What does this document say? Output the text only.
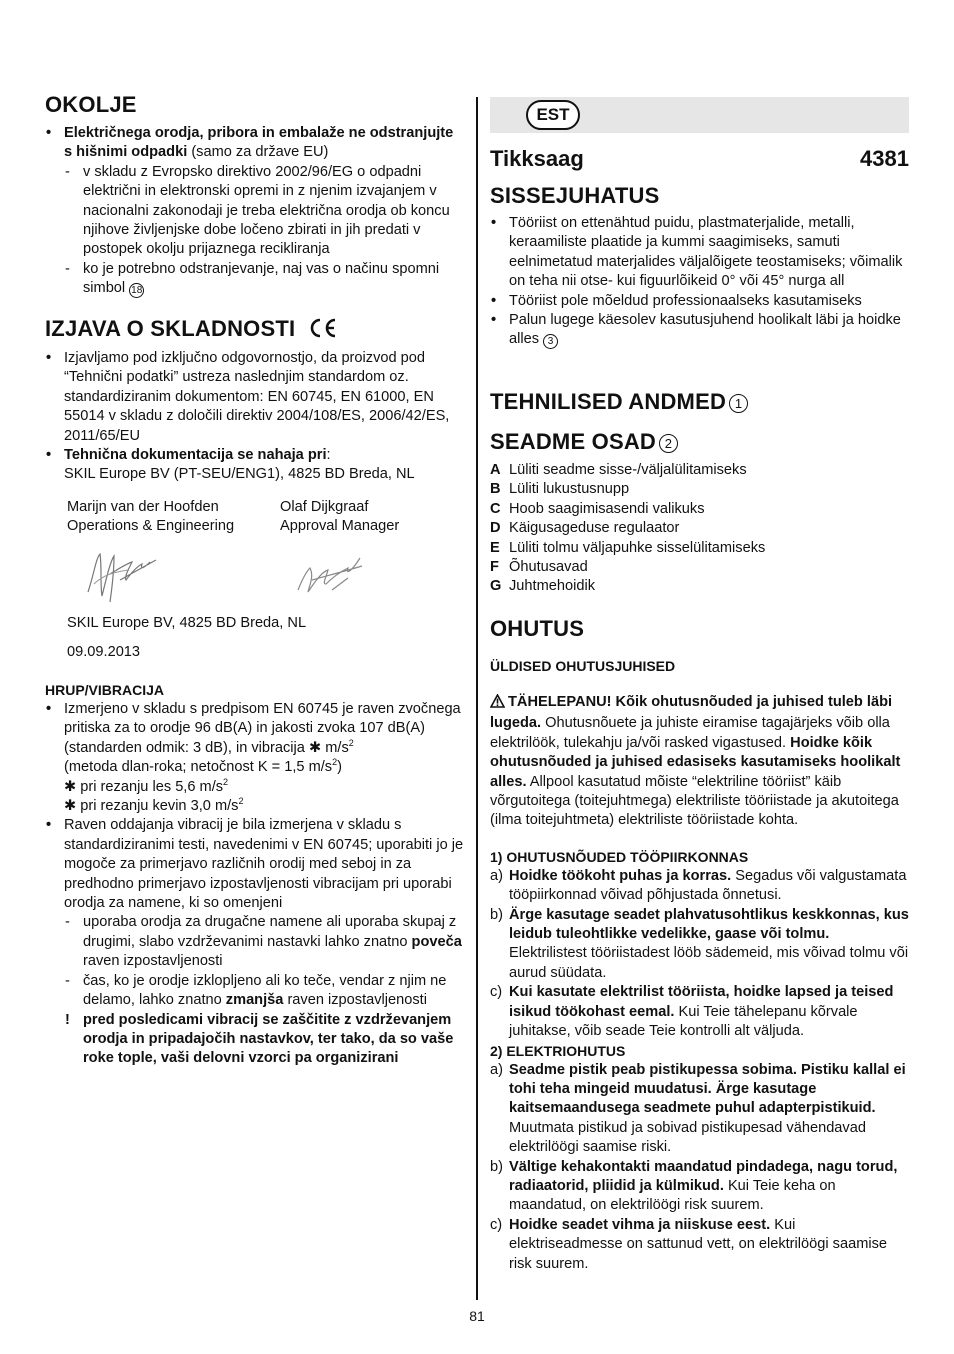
OKOLJE
• Električnega orodja, pribora in embalaže ne odstranjujte s hišnimi odpadki (samo za države EU)
- v skladu z Evropsko direktivo 2002/96/EG o odpadni električni in elektronski opremi in z njenim izvajanjem v nacionalni zakonodaji je treba električna orodja ob koncu njihove življenjske dobe ločeno zbirati in jih predati v postopek okolju prijaznega recikliranja
- ko je potrebno odstranjevanje, naj vas o načinu spomni simbol 18
IZJAVA O SKLADNOSTI
• Izjavljamo pod izključno odgovornostjo, da proizvod pod “Tehnični podatki” ustreza naslednjim standardom oz. standardiziranim dokumentom: EN 60745, EN 61000, EN 55014 v skladu z določili direktiv 2004/108/ES, 2006/42/ES, 2011/65/EU
• Tehnična dokumentacija se nahaja pri:
SKIL Europe BV (PT-SEU/ENG1), 4825 BD Breda, NL
Marijn van der Hoofden
Operations & Engineering
Olaf Dijkgraaf
Approval Manager
SKIL Europe BV, 4825 BD Breda, NL
09.09.2013
HRUP/VIBRACIJA
• Izmerjeno v skladu s predpisom EN 60745 je raven zvočnega pritiska za to orodje 96 dB(A) in jakosti zvoka 107 dB(A) (standarden odmik: 3 dB), in vibracija ✱ $m/s^2$
(metoda dlan-roka; netočnost K = 1,5 $m/s^2$)
✱ pri rezanju les 5,6 $m/s^2$
✱ pri rezanju kevin 3,0 $m/s^2$
• Raven oddajanja vibracij je bila izmerjena v skladu s standardiziranimi testi, navedenimi v EN 60745; uporabiti jo je mogoče za primerjavo različnih orodij med seboj in za predhodno primerjavo izpostavljenosti vibracijam pri uporabi orodja za namene, ki so omenjeni
- uporaba orodja za drugačne namene ali uporaba skupaj z drugimi, slabo vzdrževanimi nastavki lahko znatno poveča raven izpostavljenosti
- čas, ko je orodje izklopljeno ali ko teče, vendar z njim ne delamo, lahko znatno zmanjša raven izpostavljenosti
! pred posledicami vibracij se zaščitite z vzdrževanjem orodja in pripadajočih nastavkov, ter tako, da so vaše roke tople, vaši delovni vzorci pa organizirani
EST
Tikksaag	4381
SISSEJUHATUS
• Tööriist on ettenähtud puidu, plastmaterjalide, metalli, keraamiliste plaatide ja kummi saagimiseks, samuti eelnimetatud materjalides väljalõigete teostamiseks; võimalik on teha nii otse- kui figuurlõikeid 0° või 45° nurga all
• Tööriist pole mõeldud professionaalseks kasutamiseks
• Palun lugege käesolev kasutusjuhend hoolikalt läbi ja hoidke alles 3
TEHNILISED ANDMED 1
SEADME OSAD 2
A Lüliti seadme sisse-/väljalülitamiseks
B Lüliti lukustusnupp
C Hoob saagimisasendi valikuks
D Käigusageduse regulaator
E Lüliti tolmu väljapuhke sisselülitamiseks
F Õhutusavad
G Juhtmehoidik
OHUTUS
ÜLDISED OHUTUSJUHISED
TÄHELEPANU! Kõik ohutusnõuded ja juhised tuleb läbi lugeda. Ohutusnõuete ja juhiste eiramise tagajärjeks võib olla elektrilöök, tulekahju ja/või rasked vigastused. Hoidke kõik ohutusnõuded ja juhised edasiseks kasutamiseks hoolikalt alles. Allpool kasutatud mõiste “elektriline tööriist” käib võrgutoitega (toitejuhtmega) elektriliste tööriistade ja akutoitega (ilma toitejuhtmeta) elektriliste tööriistade kohta.
1) OHUTUSNÕUDED TÖÖPIIRKONNAS
a) Hoidke töökoht puhas ja korras. Segadus või valgustamata tööpiirkonnad võivad põhjustada õnnetusi.
b) Ärge kasutage seadet plahvatusohtlikus keskkonnas, kus leidub tuleohtlikke vedelikke, gaase või tolmu. Elektrilistest tööriistadest lööb sädemeid, mis võivad tolmu või aurud süüdata.
c) Kui kasutate elektrilist tööriista, hoidke lapsed ja teised isikud töökohast eemal. Kui Teie tähelepanu kõrvale juhitakse, võib seade Teie kontrolli alt väljuda.
2) ELEKTRIOHUTUS
a) Seadme pistik peab pistikupessa sobima. Pistiku kallal ei tohi teha mingeid muudatusi. Ärge kasutage kaitsemaandusega seadmete puhul adapterpistikuid. Muutmata pistikud ja sobivad pistikupesad vähendavad elektrilöögi saamise riski.
b) Vältige kehakontakti maandatud pindadega, nagu torud, radiaatorid, pliidid ja külmikud. Kui Teie keha on maandatud, on elektrilöögi risk suurem.
c) Hoidke seadet vihma ja niiskuse eest. Kui elektriseadmesse on sattunud vett, on elektrilöögi saamise risk suurem.
81
